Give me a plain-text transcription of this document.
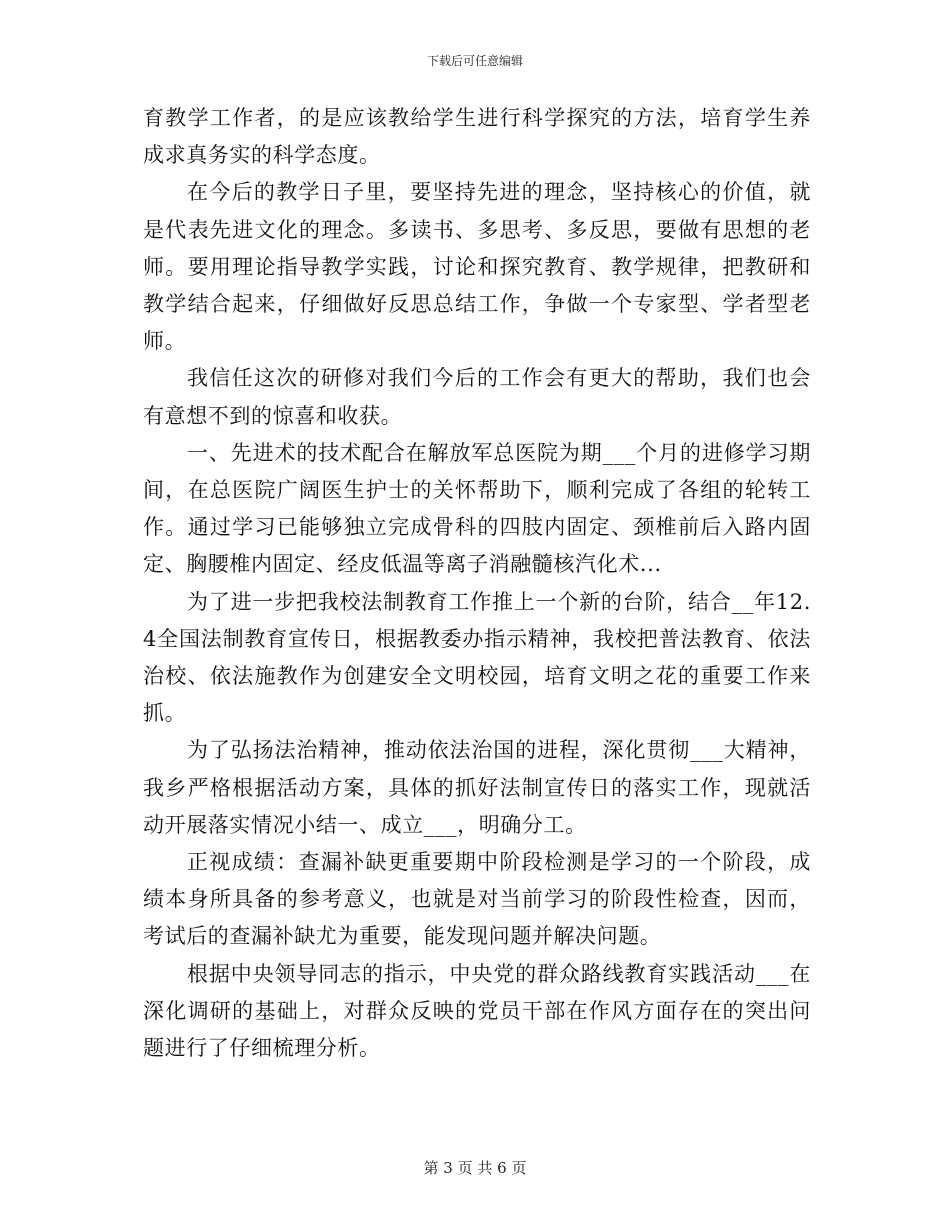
下载后可任意编辑

育教学工作者，的是应该教给学生进行科学探究的方法，培育学生养成求真务实的科学态度。

在今后的教学日子里，要坚持先进的理念，坚持核心的价值，就是代表先进文化的理念。多读书、多思考、多反思，要做有思想的老师。要用理论指导教学实践，讨论和探究教育、教学规律，把教研和教学结合起来，仔细做好反思总结工作，争做一个专家型、学者型老师。

我信任这次的研修对我们今后的工作会有更大的帮助，我们也会有意想不到的惊喜和收获。

一、先进术的技术配合在解放军总医院为期___个月的进修学习期间，在总医院广阔医生护士的关怀帮助下，顺利完成了各组的轮转工作。通过学习已能够独立完成骨科的四肢内固定、颈椎前后入路内固定、胸腰椎内固定、经皮低温等离子消融髓核汽化术...

为了进一步把我校法制教育工作推上一个新的台阶，结合__年12.4全国法制教育宣传日，根据教委办指示精神，我校把普法教育、依法治校、依法施教作为创建安全文明校园，培育文明之花的重要工作来抓。

为了弘扬法治精神，推动依法治国的进程，深化贯彻___大精神，我乡严格根据活动方案，具体的抓好法制宣传日的落实工作，现就活动开展落实情况小结一、成立___，明确分工。

正视成绩：查漏补缺更重要期中阶段检测是学习的一个阶段，成绩本身所具备的参考意义，也就是对当前学习的阶段性检查，因而，考试后的查漏补缺尤为重要，能发现问题并解决问题。

根据中央领导同志的指示，中央党的群众路线教育实践活动___在深化调研的基础上，对群众反映的党员干部在作风方面存在的突出问题进行了仔细梳理分析。

第 3 页 共 6 页
